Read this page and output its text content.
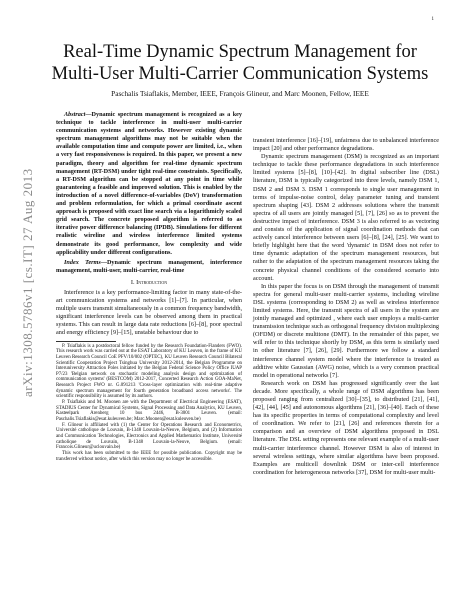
1
arXiv:1308.5786v1 [cs.IT] 27 Aug 2013
Real-Time Dynamic Spectrum Management for
Multi-User Multi-Carrier Communication Systems
Paschalis Tsiaflakis, Member, IEEE, François Glineur, and Marc Moonen, Fellow, IEEE

Abstract—Dynamic spectrum management is recognized as a key technique to tackle interference in multi-user multi-carrier communication systems and networks. However existing dynamic spectrum management algorithms may not be suitable when the available computation time and compute power are limited, i.e., when a very fast responsiveness is required. In this paper, we present a new paradigm, theory and algorithm for real-time dynamic spectrum management (RT-DSM) under tight real-time constraints. Specifically, a RT-DSM algorithm can be stopped at any point in time while guaranteeing a feasible and improved solution. This is enabled by the introduction of a novel difference-of-variables (DoV) transformation and problem reformulation, for which a primal coordinate ascent approach is proposed with exact line search via a logarithmicly scaled grid search. The concrete proposed algorithm is referred to as iterative power difference balancing (IPDB). Simulations for different realistic wireline and wireless interference limited systems demonstrate its good performance, low complexity and wide applicability under different configurations.

Index Terms—Dynamic spectrum management, interference management, multi-user, multi-carrier, real-time

I. Introduction

Interference is a key performance-limiting factor in many state-of-the-art communication systems and networks [1]–[7]. In particular, when multiple users transmit simultaneously in a common frequency bandwidth, significant interference levels can be observed among them in practical systems. This can result in large data rate reductions [6]–[8], poor spectral and energy efficiency [9]–[15], unstable behaviour due to

P. Tsiaflakis is a postdoctoral fellow funded by the Research Foundation-Flanders (FWO). This research work was carried out at the ESAT Laboratory of KU Leuven, in the frame of KU Leuven Research Council CoE PFV/10/002 (OPTEC), KU Leuven Research Council Bilateral Scientific Cooperation Project Tsinghua University 2012-2014, the Belgian Programme on Interuniversity Attraction Poles initiated by the Belgian Federal Science Policy Office IUAP P7/23 'Belgian network on stochastic modeling analysis design and optimization of communication systems' (BESTCOM) 2012-2017, Concerted Research Action GOA-MaNet, Research Project FWO nr. G.091213 'Cross-layer optimization with real-time adaptive dynamic spectrum management for fourth generation broadband access networks'. The scientific responsibility is assumed by its authors.

P. Tsiaflakis and M. Moonen are with the Department of Electrical Engineering (ESAT), STADIUS Center for Dynamical Systems, Signal Processing and Data Analytics, KU Leuven, Kasteelpark Arenberg 10 bus 2446, B-3001 Leuven. (email: Paschalis.Tsiaflakis@esat.kuleuven.be; Marc.Moonen@esat.kuleuven.be)

F. Glineur is affiliated with (1) the Center for Operations Research and Econometrics, Université catholique de Louvain, B-1348 Louvain-la-Neuve, Belgium, and (2) Information and Communication Technologies, Electronics and Applied Mathematics Institute, Université catholique de Louvain, B-1348 Louvain-la-Neuve, Belgium. (email: Francois.Glineur@uclouvain.be)

This work has been submitted to the IEEE for possible publication. Copyright may be transferred without notice, after which this version may no longer be accessible.

transient interference [16]–[19], unfairness due to unbalanced interference impact [20] and other performance degradations.

Dynamic spectrum management (DSM) is recognized as an important technique to tackle these performance degradations in such interference limited systems [5]–[8], [10]–[42]. In digital subscriber line (DSL) literature, DSM is typically categorized into three levels, namely DSM 1, DSM 2 and DSM 3. DSM 1 corresponds to single user management in terms of impulse-noise control, delay parameter tuning and transient spectrum shaping [43]. DSM 2 addresses solutions where the transmit spectra of all users are jointly managed [5], [7], [26] so as to prevent the destructive impact of interference. DSM 3 is also referred to as vectoring and consists of the application of signal coordination methods that can actively cancel interference between users [6]–[8], [24], [25]. We want to briefly highlight here that the word 'dynamic' in DSM does not refer to time dynamic adaptation of the spectrum management resources, but rather to the adaptation of the spectrum management resources taking the concrete physical channel conditions of the considered scenario into account.

In this paper the focus is on DSM through the management of transmit spectra for general multi-user multi-carrier systems, including wireline DSL systems (corresponding to DSM 2) as well as wireless interference limited systems. Here, the transmit spectra of all users in the system are jointly managed and optimized , where each user employs a multi-carrier transmission technique such as orthogonal frequency division multiplexing (OFDM) or discrete multitone (DMT). In the remainder of this paper, we will refer to this technique shortly by DSM, as this term is similarly used in other literature [7], [26], [29]. Furthermore we follow a standard interference channel system model where the interference is treated as additive white Gaussian (AWG) noise, which is a very common practical model in operational networks [7].

Research work on DSM has progressed significantly over the last decade. More specifically, a whole range of DSM algorithms has been proposed ranging from centralized [30]–[35], to distributed [21], [41], [42], [44], [45] and autonomous algorithms [21], [36]–[40]. Each of these has its specific properties in terms of computational complexity and level of coordination. We refer to [21], [26] and references therein for a comparison and an overview of DSM algorithms proposed in DSL literature. The DSL setting represents one relevant example of a multi-user multi-carrier interference channel. However DSM is also of interest in several wireless settings, where similar algorithms have been proposed. Examples are multicell downlink DSM or inter-cell interference coordination for heterogeneous networks [37], DSM for multi-user multi-
